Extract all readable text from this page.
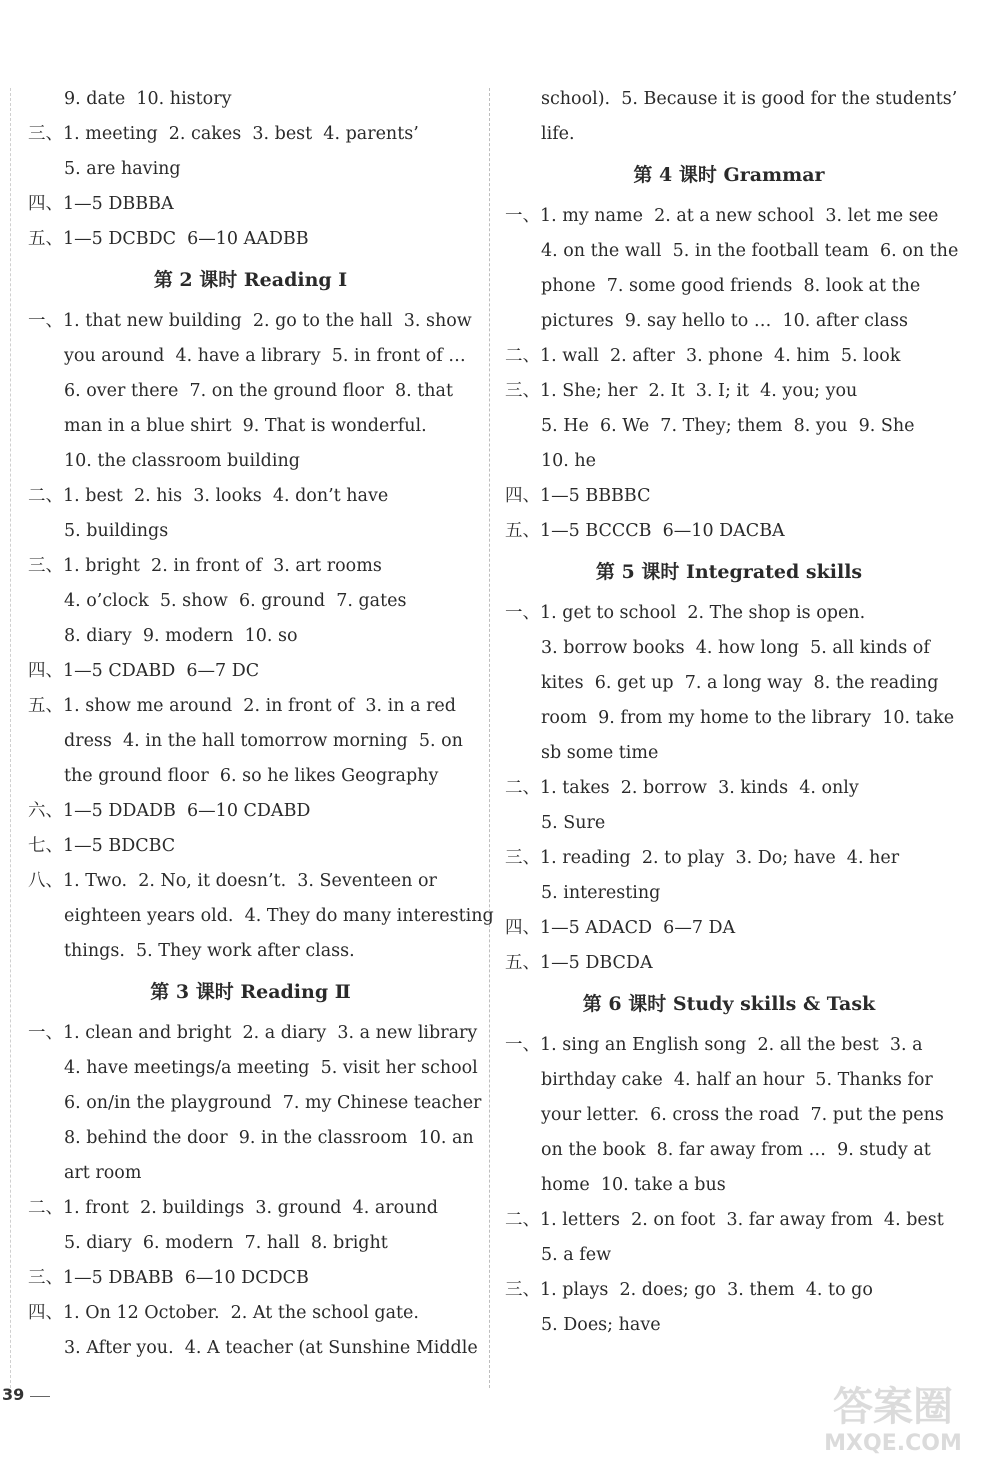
9. date  10. history
三、1. meeting  2. cakes  3. best  4. parents’
5. are having
四、1—5 DBBBA
五、1—5 DCBDC  6—10 AADBB
第 2 课时 Reading Ⅰ
一、1. that new building  2. go to the hall  3. show
you around  4. have a library  5. in front of …
6. over there  7. on the ground floor  8. that
man in a blue shirt  9. That is wonderful.
10. the classroom building
二、1. best  2. his  3. looks  4. don’t have
5. buildings
三、1. bright  2. in front of  3. art rooms
4. o’clock  5. show  6. ground  7. gates
8. diary  9. modern  10. so
四、1—5 CDABD  6—7 DC
五、1. show me around  2. in front of  3. in a red
dress  4. in the hall tomorrow morning  5. on
the ground floor  6. so he likes Geography
六、1—5 DDADB  6—10 CDABD
七、1—5 BDCBC
八、1. Two.  2. No, it doesn’t.  3. Seventeen or
eighteen years old.  4. They do many interesting
things.  5. They work after class.
第 3 课时 Reading Ⅱ
一、1. clean and bright  2. a diary  3. a new library
4. have meetings/a meeting  5. visit her school
6. on/in the playground  7. my Chinese teacher
8. behind the door  9. in the classroom  10. an
art room
二、1. front  2. buildings  3. ground  4. around
5. diary  6. modern  7. hall  8. bright
三、1—5 DBABB  6—10 DCDCB
四、1. On 12 October.  2. At the school gate.
3. After you.  4. A teacher (at Sunshine Middle
school).  5. Because it is good for the students’
life.
第 4 课时 Grammar
一、1. my name  2. at a new school  3. let me see
4. on the wall  5. in the football team  6. on the
phone  7. some good friends  8. look at the
pictures  9. say hello to …  10. after class
二、1. wall  2. after  3. phone  4. him  5. look
三、1. She; her  2. It  3. I; it  4. you; you
5. He  6. We  7. They; them  8. you  9. She
10. he
四、1—5 BBBBC
五、1—5 BCCCB  6—10 DACBA
第 5 课时 Integrated skills
一、1. get to school  2. The shop is open.
3. borrow books  4. how long  5. all kinds of
kites  6. get up  7. a long way  8. the reading
room  9. from my home to the library  10. take
sb some time
二、1. takes  2. borrow  3. kinds  4. only
5. Sure
三、1. reading  2. to play  3. Do; have  4. her
5. interesting
四、1—5 ADACD  6—7 DA
五、1—5 DBCDA
第 6 课时 Study skills & Task
一、1. sing an English song  2. all the best  3. a
birthday cake  4. half an hour  5. Thanks for
your letter.  6. cross the road  7. put the pens
on the book  8. far away from …  9. study at
home  10. take a bus
二、1. letters  2. on foot  3. far away from  4. best
5. a few
三、1. plays  2. does; go  3. them  4. to go
5. Does; have
39	答案圈
MXQE.COM
